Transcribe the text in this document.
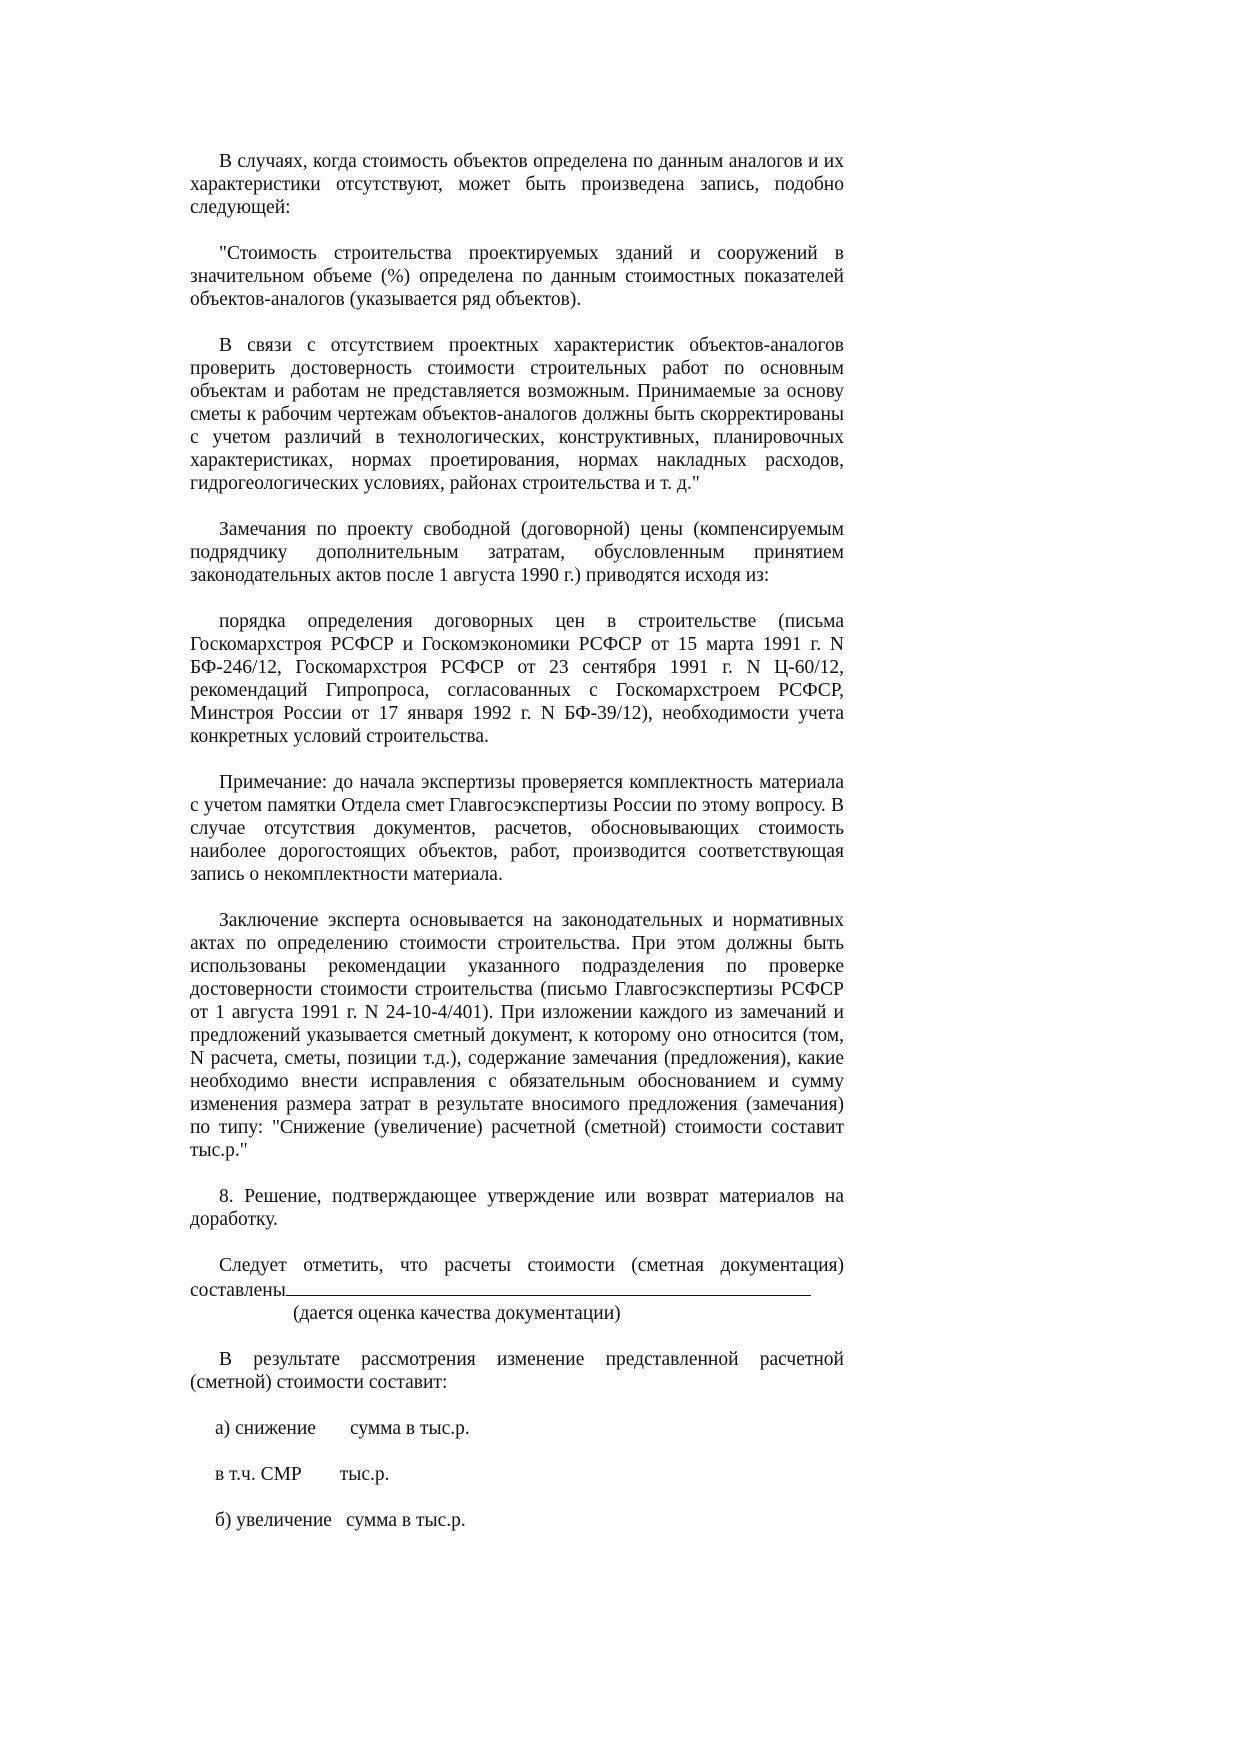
В случаях, когда стоимость объектов определена по данным аналогов и их характеристики отсутствуют, может быть произведена запись, подобно следующей:

"Стоимость строительства проектируемых зданий и сооружений в значительном объеме (%) определена по данным стоимостных показателей объектов-аналогов (указывается ряд объектов).

В связи с отсутствием проектных характеристик объектов-аналогов проверить достоверность стоимости строительных работ по основным объектам и работам не представляется возможным. Принимаемые за основу сметы к рабочим чертежам объектов-аналогов должны быть скорректированы с учетом различий в технологических, конструктивных, планировочных характеристиках, нормах проетирования, нормах накладных расходов, гидрогеологических условиях, районах строительства и т. д."

Замечания по проекту свободной (договорной) цены (компенсируемым подрядчику дополнительным затратам, обусловленным принятием законодательных актов после 1 августа 1990 г.) приводятся исходя из:

порядка определения договорных цен в строительстве (письма Госкомархстроя РСФСР и Госкомэкономики РСФСР от 15 марта 1991 г. N БФ-246/12, Госкомархстроя РСФСР от 23 сентября 1991 г. N Ц-60/12, рекомендаций Гипропроса, согласованных с Госкомархстроем РСФСР, Минстроя России от 17 января 1992 г. N БФ-39/12), необходимости учета конкретных условий строительства.

Примечание: до начала экспертизы проверяется комплектность материала с учетом памятки Отдела смет Главгосэкспертизы России по этому вопросу. В случае отсутствия документов, расчетов, обосновывающих стоимость наиболее дорогостоящих объектов, работ, производится соответствующая запись о некомплектности материала.

Заключение эксперта основывается на законодательных и нормативных актах по определению стоимости строительства. При этом должны быть использованы рекомендации указанного подразделения по проверке достоверности стоимости строительства (письмо Главгосэкспертизы РСФСР от 1 августа 1991 г. N 24-10-4/401). При изложении каждого из замечаний и предложений указывается сметный документ, к которому оно относится (том, N расчета, сметы, позиции т.д.), содержание замечания (предложения), какие необходимо внести исправления с обязательным обоснованием и сумму изменения размера затрат в результате вносимого предложения (замечания) по типу: "Снижение (увеличение) расчетной (сметной) стоимости составит тыс.р."

8. Решение, подтверждающее утверждение или возврат материалов на доработку.

Следует отметить, что расчеты стоимости (сметная документация)

составлены

(дается оценка качества документации)

В результате рассмотрения изменение представленной расчетной (сметной) стоимости составит:

а) снижение сумма в тыс.р.

в т.ч. СМР тыс.р.

б) увеличение сумма в тыс.р.
